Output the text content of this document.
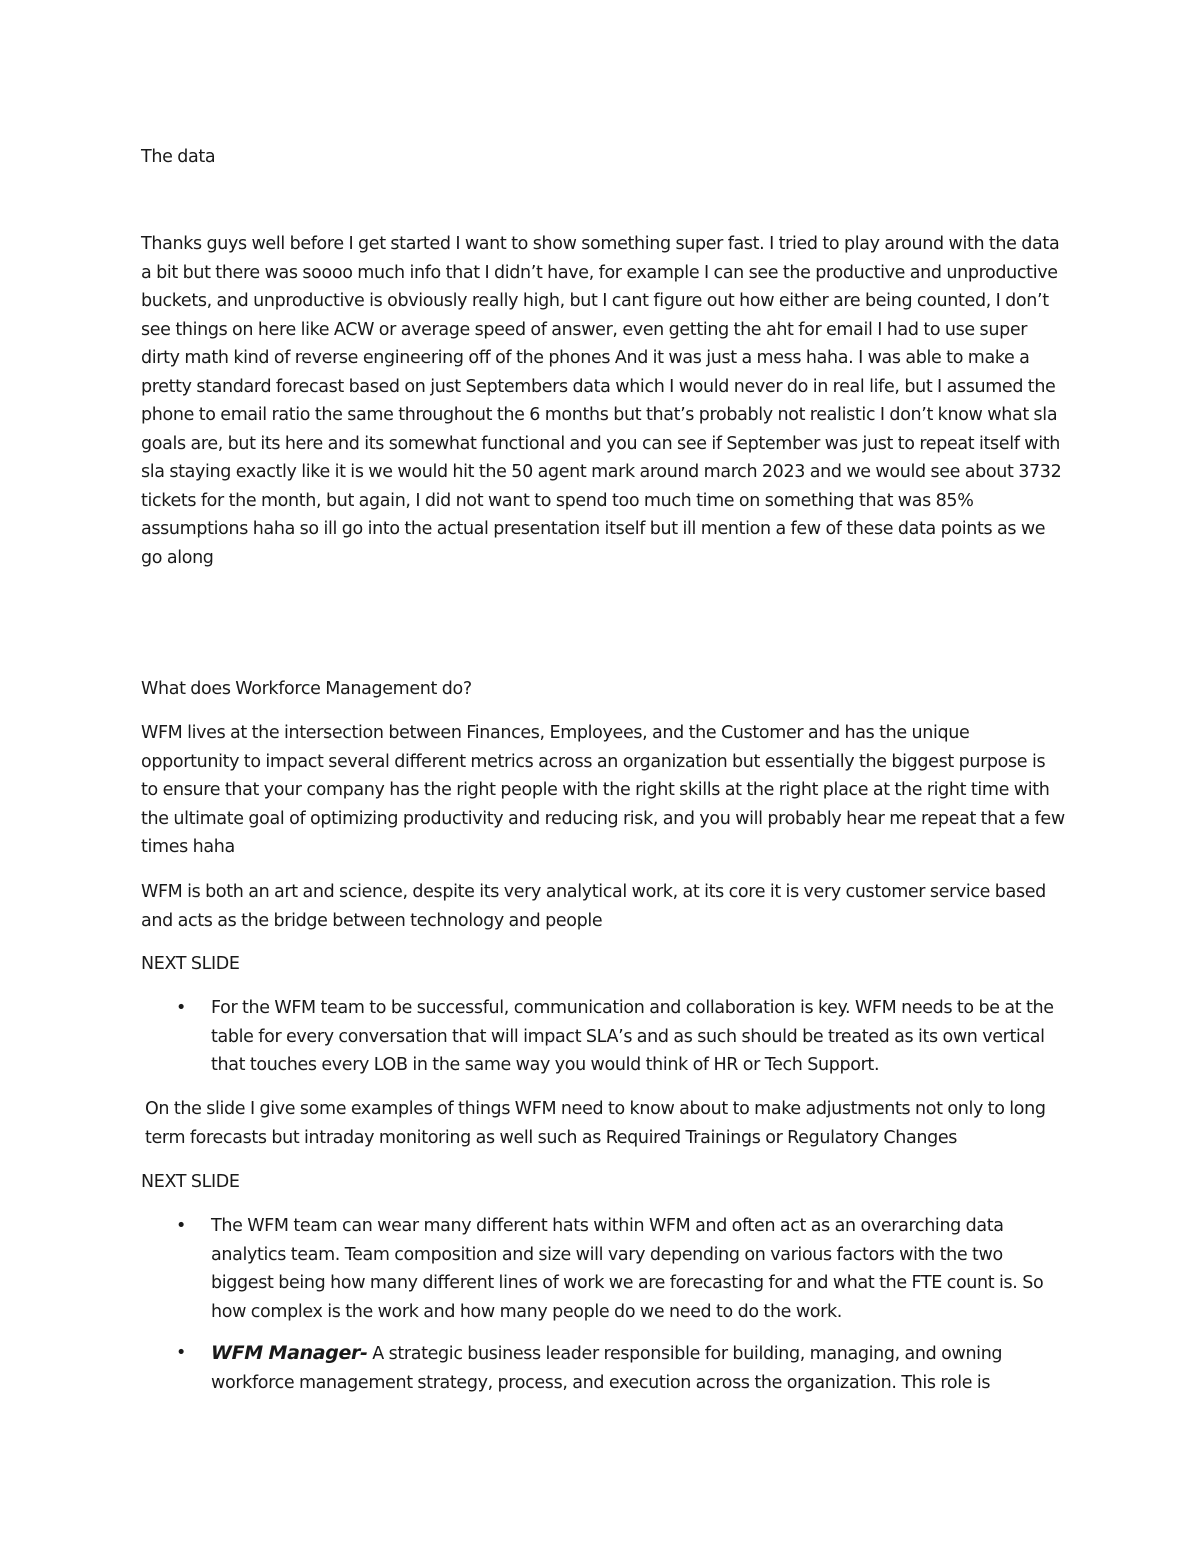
The data

Thanks guys well before I get started I want to show something super fast. I tried to play around with the data a bit but there was soooo much info that I didn’t have, for example I can see the productive and unproductive buckets, and unproductive is obviously really high, but I cant figure out how either are being counted, I don’t see things on here like ACW or average speed of answer, even getting the aht for email I had to use super dirty math kind of reverse engineering off of the phones And it was just a mess haha. I was able to make a pretty standard forecast based on just Septembers data which I would never do in real life, but I assumed the phone to email ratio the same throughout the 6 months but that’s probably not realistic I don’t know what sla goals are, but its here and its somewhat functional and you can see if September was just to repeat itself with sla staying exactly like it is we would hit the 50 agent mark around march 2023 and we would see about 3732 tickets for the month, but again, I did not want to spend too much time on something that was 85% assumptions haha so ill go into the actual presentation itself but ill mention a few of these data points as we go along

What does Workforce Management do?

WFM lives at the intersection between Finances, Employees, and the Customer and has the unique opportunity to impact several different metrics across an organization but essentially the biggest purpose is to ensure that your company has the right people with the right skills at the right place at the right time with the ultimate goal of optimizing productivity and reducing risk, and you will probably hear me repeat that a few times haha

WFM is both an art and science, despite its very analytical work, at its core it is very customer service based and acts as the bridge between technology and people

NEXT SLIDE

• For the WFM team to be successful, communication and collaboration is key. WFM needs to be at the table for every conversation that will impact SLA’s and as such should be treated as its own vertical that touches every LOB in the same way you would think of HR or Tech Support.

On the slide I give some examples of things WFM need to know about to make adjustments not only to long term forecasts but intraday monitoring as well such as Required Trainings or Regulatory Changes

NEXT SLIDE

• The WFM team can wear many different hats within WFM and often act as an overarching data analytics team. Team composition and size will vary depending on various factors with the two biggest being how many different lines of work we are forecasting for and what the FTE count is. So how complex is the work and how many people do we need to do the work.
• WFM Manager- A strategic business leader responsible for building, managing, and owning workforce management strategy, process, and execution across the organization. This role is
